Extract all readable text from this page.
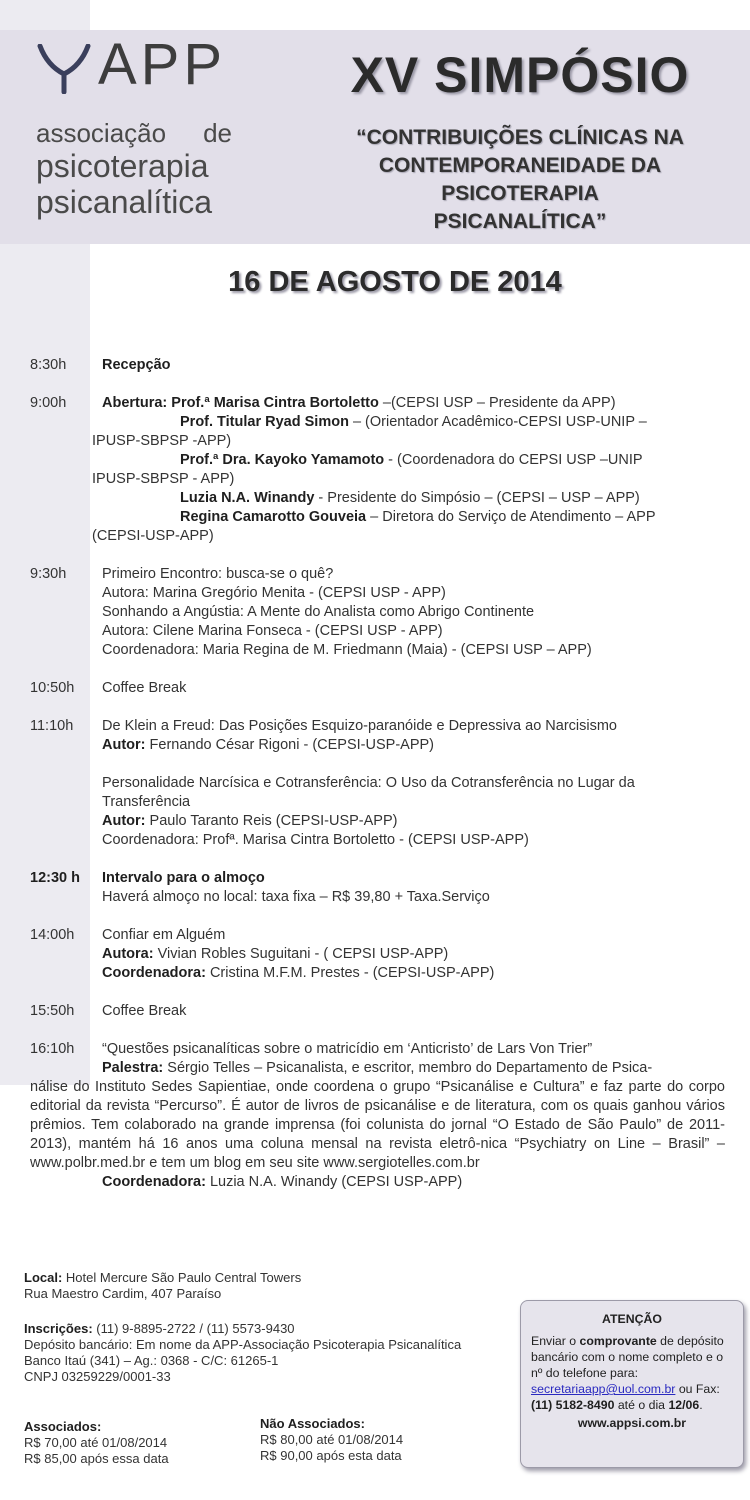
APP
associação de
psicoterapia
psicanalítica
XV SIMPÓSIO
“CONTRIBUIÇÕES CLÍNICAS NA
CONTEMPORANEIDADE DA PSICOTERAPIA
PSICANALÍTICA”
16 DE AGOSTO DE 2014
8:30h Recepção
9:00h	Abertura: Prof.ª Marisa Cintra Bortoletto –(CEPSI USP – Presidente da APP)
Prof. Titular Ryad Simon – (Orientador Acadêmico-CEPSI USP-UNIP –
IPUSP-SBPSP -APP)
Prof.ª Dra. Kayoko Yamamoto - (Coordenadora do CEPSI USP –UNIP
IPUSP-SBPSP - APP)
Luzia N.A. Winandy - Presidente do Simpósio – (CEPSI – USP – APP)
Regina Camarotto Gouveia – Diretora do Serviço de Atendimento – APP
(CEPSI-USP-APP)
9:30h Primeiro Encontro: busca-se o quê?
Autora: Marina Gregório Menita - (CEPSI USP - APP)
Sonhando a Angústia: A Mente do Analista como Abrigo Continente
Autora: Cilene Marina Fonseca - (CEPSI USP - APP)
Coordenadora: Maria Regina de M. Friedmann (Maia) - (CEPSI USP – APP)
10:50h Coffee Break
11:10h De Klein a Freud: Das Posições Esquizo-paranóide e Depressiva ao Narcisismo
Autor: Fernando César Rigoni - (CEPSI-USP-APP)
Personalidade Narcísica e Cotransferência: O Uso da Cotransferência no Lugar da Transferência
Autor: Paulo Taranto Reis (CEPSI-USP-APP)
Coordenadora: Profª. Marisa Cintra Bortoletto - (CEPSI USP-APP)
12:30 h Intervalo para o almoço
Haverá almoço no local: taxa fixa – R$ 39,80 + Taxa.Serviço
14:00h Confiar em Alguém
Autora: Vivian Robles Suguitani - ( CEPSI USP-APP)
Coordenadora: Cristina M.F.M. Prestes - (CEPSI-USP-APP)
15:50h Coffee Break
16:10h “Questões psicanalíticas sobre o matricídio em ‘Anticristo’ de Lars Von Trier”
Palestra: Sérgio Telles – Psicanalista, e escritor, membro do Departamento de Psica-
nálise do Instituto Sedes Sapientiae, onde coordena o grupo “Psicanálise e Cultura” e faz parte do corpo editorial da revista “Percurso”. É autor de livros de psicanálise e de literatura, com os quais ganhou vários prêmios. Tem colaborado na grande imprensa (foi colunista do jornal “O Estado de São Paulo” de 2011-2013), mantém há 16 anos uma coluna mensal na revista eletrô-nica “Psychiatry on Line – Brasil” – www.polbr.med.br e tem um blog em seu site www.sergiotelles.com.br
Coordenadora: Luzia N.A. Winandy (CEPSI USP-APP)
Local: Hotel Mercure São Paulo Central Towers
Rua Maestro Cardim, 407 Paraíso
Inscrições: (11) 9-8895-2722 / (11) 5573-9430
Depósito bancário: Em nome da APP-Associação Psicoterapia Psicanalítica
Banco Itaú (341) – Ag.: 0368 - C/C: 61265-1
CNPJ 03259229/0001-33
Associados:
R$ 70,00 até 01/08/2014
R$ 85,00 após essa data
Não Associados:
R$ 80,00 até 01/08/2014
R$ 90,00 após esta data
ATENÇÃO
Enviar o comprovante de depósito bancário com o nome completo e o nº do telefone para: secretariaapp@uol.com.br ou Fax:(11) 5182-8490 até o dia 12/06.
www.appsi.com.br
